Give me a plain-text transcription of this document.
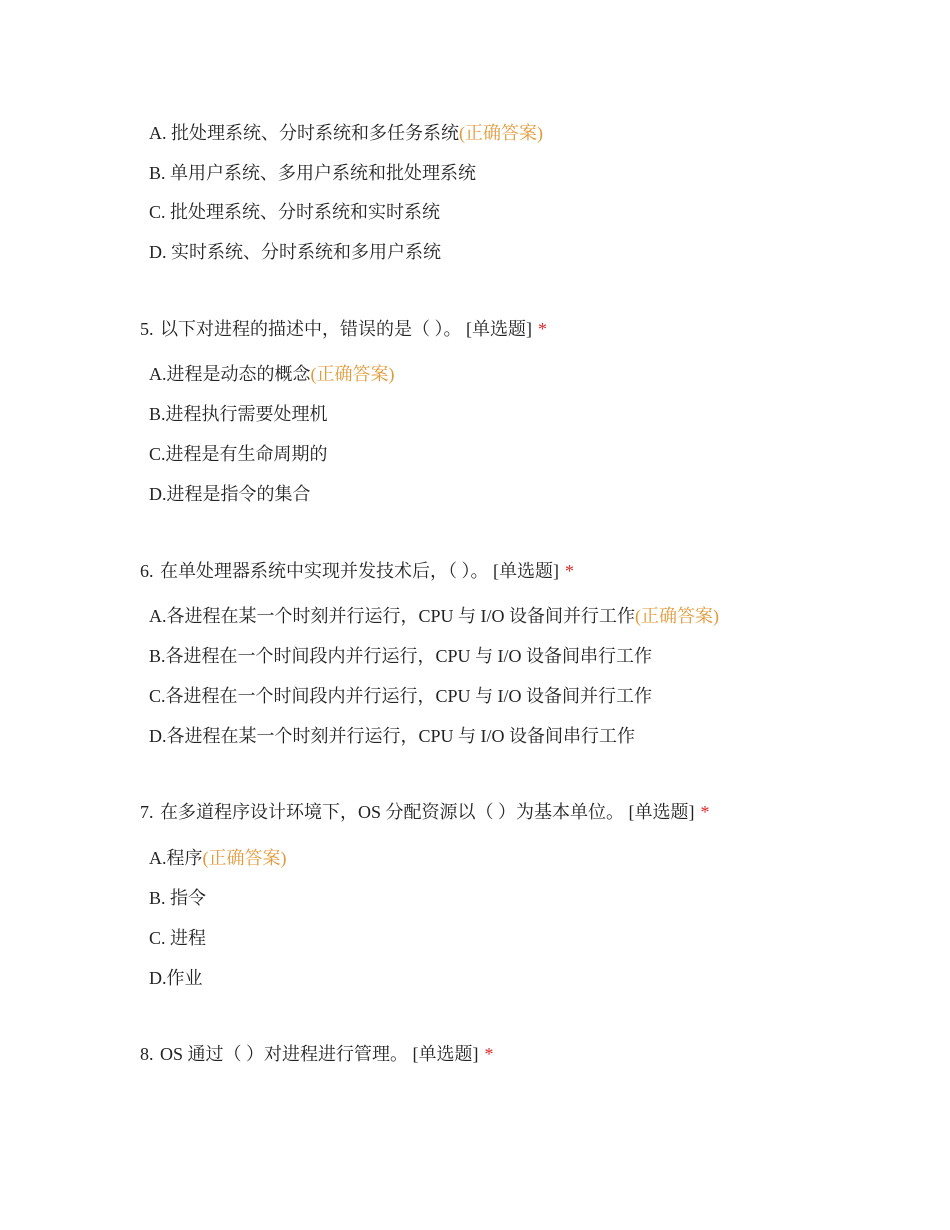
A. 批处理系统、分时系统和多任务系统(正确答案)
B. 单用户系统、多用户系统和批处理系统
C. 批处理系统、分时系统和实时系统
D. 实时系统、分时系统和多用户系统
5. 以下对进程的描述中，错误的是（ ）。 [单选题] *
A.进程是动态的概念(正确答案)
B.进程执行需要处理机
C.进程是有生命周期的
D.进程是指令的集合
6. 在单处理器系统中实现并发技术后，（ ）。 [单选题] *
A.各进程在某一个时刻并行运行，CPU 与 I/O 设备间并行工作(正确答案)
B.各进程在一个时间段内并行运行，CPU 与 I/O 设备间串行工作
C.各进程在一个时间段内并行运行，CPU 与 I/O 设备间并行工作
D.各进程在某一个时刻并行运行，CPU 与 I/O 设备间串行工作
7. 在多道程序设计环境下，OS 分配资源以（ ）为基本单位。 [单选题] *
A.程序(正确答案)
B. 指令
C. 进程
D.作业
8. OS 通过（ ）对进程进行管理。 [单选题] *
